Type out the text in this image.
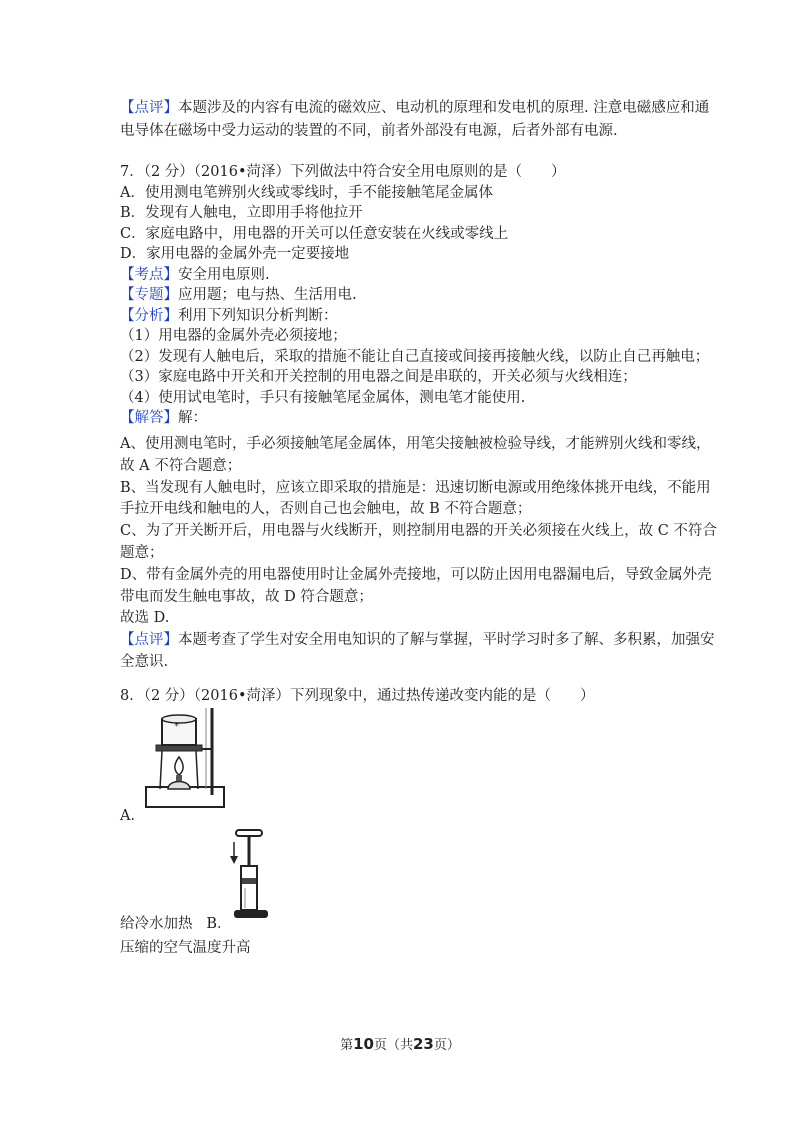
【点评】本题涉及的内容有电流的磁效应、电动机的原理和发电机的原理. 注意电磁感应和通

电导体在磁场中受力运动的装置的不同，前者外部没有电源，后者外部有电源.

7．（2 分）（2016•菏泽）下列做法中符合安全用电原则的是（　　）

A．使用测电笔辨别火线或零线时，手不能接触笔尾金属体

B．发现有人触电，立即用手将他拉开

C．家庭电路中，用电器的开关可以任意安装在火线或零线上

D．家用电器的金属外壳一定要接地

【考点】安全用电原则.

【专题】应用题；电与热、生活用电.

【分析】利用下列知识分析判断：

（1）用电器的金属外壳必须接地；

（2）发现有人触电后，采取的措施不能让自己直接或间接再接触火线，以防止自己再触电；

（3）家庭电路中开关和开关控制的用电器之间是串联的，开关必须与火线相连；

（4）使用试电笔时，手只有接触笔尾金属体，测电笔才能使用.

【解答】解：

A、使用测电笔时，手必须接触笔尾金属体，用笔尖接触被检验导线，才能辨别火线和零线，

故 A 不符合题意；

B、当发现有人触电时，应该立即采取的措施是：迅速切断电源或用绝缘体挑开电线，不能用

手拉开电线和触电的人，否则自己也会触电，故 B 不符合题意；

C、为了开关断开后，用电器与火线断开，则控制用电器的开关必须接在火线上，故 C 不符合

题意；

D、带有金属外壳的用电器使用时让金属外壳接地，可以防止因用电器漏电后，导致金属外壳

带电而发生触电事故，故 D 符合题意；

故选 D.

【点评】本题考查了学生对安全用电知识的了解与掌握，平时学习时多了解、多积累，加强安

全意识.

8．（2 分）（2016•菏泽）下列现象中，通过热传递改变内能的是（　　）

*

A．

给冷水加热 B．

压缩的空气温度升高

第10页（共23页）
